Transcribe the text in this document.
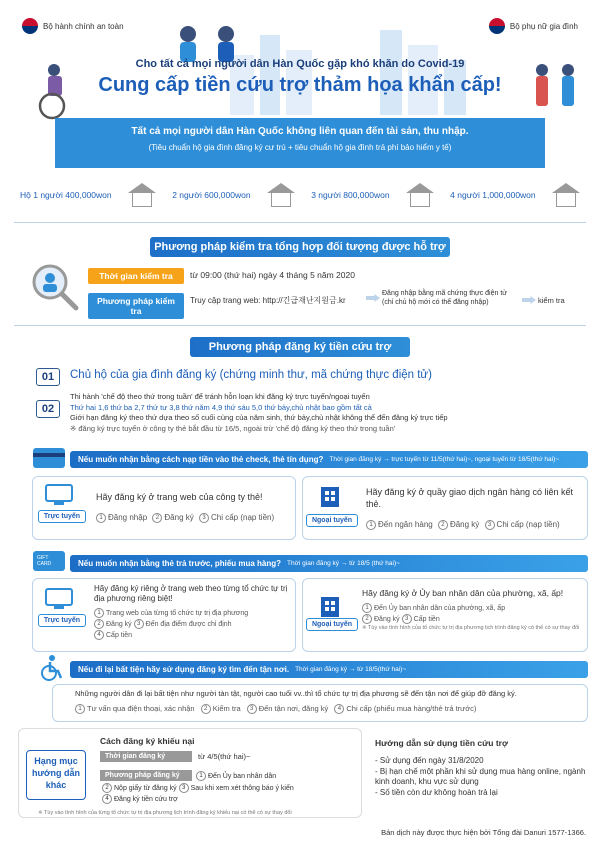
Bộ hành chính an toàn	Bộ phụ nữ gia đình
Cho tất cả mọi người dân Hàn Quốc gặp khó khăn do Covid-19
Cung cấp tiền cứu trợ thảm họa khẩn cấp!
Tất cả mọi người dân Hàn Quốc không liên quan đến tài sản, thu nhập.
(Tiêu chuẩn hộ gia đình đăng ký cư trú + tiêu chuẩn hộ gia đình trả phí bảo hiểm y tế)
Hộ 1 người 400,000won	2 người 600,000won	3 người 800,000won	4 người 1,000,000won
Phương pháp kiểm tra tổng hợp đối tượng được hỗ trợ
Thời gian kiểm tra	từ 09:00 (thứ hai) ngày 4 tháng 5 năm 2020
Phương pháp kiểm tra
Truy cập trang web: http://긴급재난지원금.kr
Đăng nhập bằng mã chứng thực điện tử
(chỉ chủ hộ mới có thể đăng nhập)	kiểm tra
Phương pháp đăng ký tiền cứu trợ
01	Chủ hộ của gia đình đăng ký (chứng minh thư, mã chứng thực điện tử)
02
Thi hành 'chế độ theo thứ trong tuần' để tránh hỗn loạn khi đăng ký trực tuyến/ngoại tuyến
Thứ hai 1,6 thứ ba 2,7 thứ tư 3,8 thứ năm 4,9 thứ sáu 5,0 thứ bảy,chủ nhật bao gồm tất cả
Giới hạn đăng ký theo thứ dựa theo số cuối cùng của năm sinh, thứ bảy,chủ nhật không thể đến đăng ký trực tiếp
※ đăng ký trực tuyến ở công ty thẻ bắt đầu từ 16/5, ngoài trừ 'chế độ đăng ký theo thứ trong tuần'
Nếu muốn nhận bằng cách nạp tiền vào thẻ check, thẻ tín dụng? Thời gian đăng ký → trực tuyến từ 11/5(thứ hai)~, ngoại tuyến từ 18/5(thứ hai)~
Trực tuyến
Hãy đăng ký ở trang web của công ty thẻ!
1 Đăng nhập 2 Đăng ký 3 Chi cấp (nạp tiền)	Ngoại tuyến
Hãy đăng ký ở quầy giao dịch ngân hàng có liên kết thẻ.
1 Đến ngân hàng 2 Đăng ký 3 Chi cấp (nạp tiền)
GIFT
CARD	Nếu muốn nhận bằng thẻ trả trước, phiếu mua hàng? Thời gian đăng ký → từ 18/5 (thứ hai)~
Trực tuyến
Hãy đăng ký riêng ở trang web theo từng tổ chức tự trị địa phương riêng biệt!
1 Trang web của từng tổ chức tự trị địa phương
2 Đăng ký 3 Đến địa điểm được chỉ định
4 Cấp tiền
Ngoại tuyến
Hãy đăng ký ở Ủy ban nhân dân của phường, xã, ấp!
1 Đến Ủy ban nhân dân của phường, xã, ấp
2 Đăng ký 3 Cấp tiền
※ Tùy vào tình hình của tổ chức tự trị địa phương lịch trình đăng ký có thể có sự thay đổi
Nếu đi lại bất tiện hãy sử dụng đăng ký tìm đến tận nơi. Thời gian đăng ký → từ 18/5(thứ hai)~
Những người dân đi lại bất tiện như người tàn tật, người cao tuổi vv..thì tổ chức tự trị địa phương sẽ đến tận nơi để giúp đỡ đăng ký.
1 Tư vấn qua điện thoại, xác nhận 2 Kiểm tra 3 Đến tận nơi, đăng ký 4 Chi cấp (phiếu mua hàng/thẻ trả trước)
Hạng mục hướng dẫn khác
Cách đăng ký khiếu nại
Thời gian đăng ký	từ 4/5(thứ hai)~
Phương pháp đăng ký	1 Đến Ủy ban nhân dân
2 Nộp giấy từ đăng ký 3 Sau khi xem xét thông báo ý kiến
4 Đăng ký tiền cứu trợ
※ Tùy vào tình hình của từng tổ chức tự trị địa phương lịch trình đăng ký khiếu nại có thể có sự thay đổi
Hướng dẫn sử dụng tiền cứu trợ
- Sử dụng đến ngày 31/8/2020
- Bị hạn chế một phần khi sử dụng mua hàng online, ngành kinh doanh, khu vực sử dụng
- Số tiền còn dư không hoàn trả lại
Bản dịch này được thực hiện bởi Tổng đài Danuri 1577-1366.
